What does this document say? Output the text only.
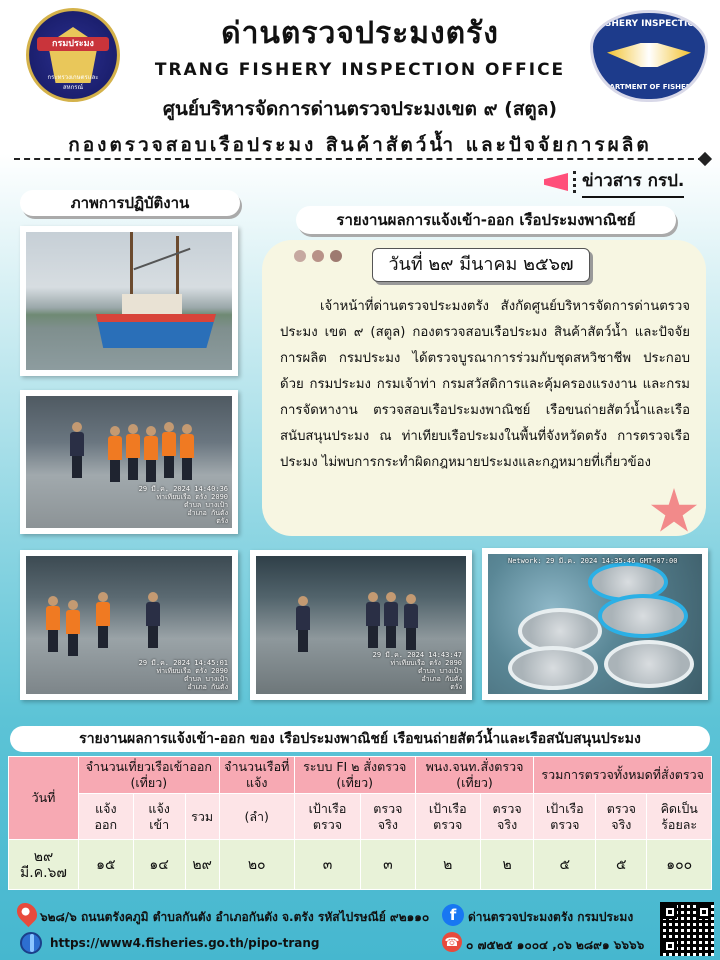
กรมประมง
กระทรวงเกษตรและสหกรณ์
ด่านตรวจประมงตรัง
TRANG FISHERY INSPECTION OFFICE
ศูนย์บริหารจัดการด่านตรวจประมงเขต ๙ (สตูล)
กองตรวจสอบเรือประมง สินค้าสัตว์น้ำ และปัจจัยการผลิต
FISHERY INSPECTION
DEPARTMENT OF FISHERIES
ข่าวสาร กรป.
ภาพการปฏิบัติงาน
รายงานผลการแจ้งเข้า-ออก เรือประมงพาณิชย์
29 มี.ค. 2024 14:40:36
ท่าเทียบเรือ ตรัง 2090
ตำบล บางเป้า
อำเภอ กันตัง
ตรัง
29 มี.ค. 2024 14:45:01
ท่าเทียบเรือ ตรัง 2090
ตำบล บางเป้า
อำเภอ กันตัง
29 มี.ค. 2024 14:43:47
ท่าเทียบเรือ ตรัง 2090
ตำบล บางเป้า
อำเภอ กันตัง
ตรัง
Network: 29 มี.ค. 2024 14:35:46 GMT+07:00
วันที่ ๒๙ มีนาคม ๒๕๖๗

เจ้าหน้าที่ด่านตรวจประมงตรัง สังกัดศูนย์บริหารจัดการด่านตรวจประมง เขต ๙ (สตูล) กองตรวจสอบเรือประมง สินค้าสัตว์น้ำ และปัจจัยการผลิต กรมประมง ได้ตรวจบูรณาการร่วมกับชุดสหวิชาชีพ ประกอบด้วย กรมประมง กรมเจ้าท่า กรมสวัสดิการและคุ้มครองแรงงาน และกรมการจัดหางาน ตรวจสอบเรือประมงพาณิชย์ เรือขนถ่ายสัตว์น้ำและเรือสนับสนุนประมง ณ ท่าเทียบเรือประมงในพื้นที่จังหวัดตรัง การตรวจเรือประมง ไม่พบการกระทำผิดกฎหมายประมงและกฎหมายที่เกี่ยวข้อง

รายงานผลการแจ้งเข้า-ออก ของ เรือประมงพาณิชย์ เรือขนถ่ายสัตว์น้ำและเรือสนับสนุนประมง
วันที่	จำนวนเที่ยวเรือเข้าออก (เที่ยว)			จำนวนเรือที่แจ้ง	ระบบ FI ๒ สั่งตรวจ (เที่ยว)		พนง.จนท.สั่งตรวจ (เที่ยว)		รวมการตรวจทั้งหมดที่สั่งตรวจ		
	แจ้ง ออก	แจ้ง เข้า	รวม	(ลำ)	เป้าเรือ ตรวจ	ตรวจ จริง	เป้าเรือ ตรวจ	ตรวจ จริง	เป้าเรือ ตรวจ	ตรวจ จริง	คิดเป็น ร้อยละ
๒๙ มี.ค.๖๗	๑๕	๑๔	๒๙	๒๐	๓	๓	๒	๒	๕	๕	๑๐๐
๖๒๘/๖ ถนนตรังคภูมิ ตำบลกันตัง อำเภอกันตัง จ.ตรัง รหัสไปรษณีย์ ๙๒๑๑๐
https://www4.fisheries.go.th/pipo-trang
f ด่านตรวจประมงตรัง กรมประมง
☎ ๐ ๗๕๒๕ ๑๐๐๔ ,๐๖ ๒๘๙๑ ๖๖๖๖
